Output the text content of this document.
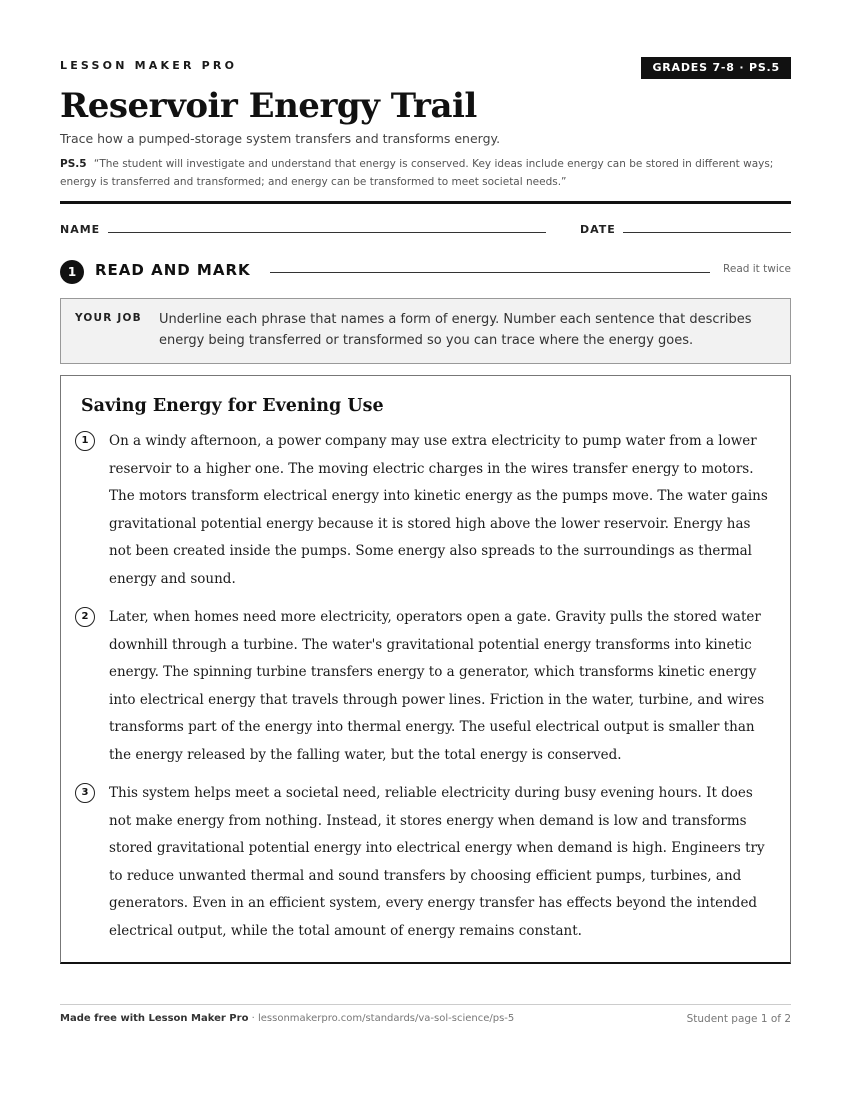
LESSON MAKER PRO	GRADES 7-8 · PS.5
Reservoir Energy Trail
Trace how a pumped-storage system transfers and transforms energy.
PS.5 “The student will investigate and understand that energy is conserved. Key ideas include energy can be stored in different ways; energy is transferred and transformed; and energy can be transformed to meet societal needs.”
NAME	DATE
1	READ AND MARK	Read it twice
YOUR JOB Underline each phrase that names a form of energy. Number each sentence that describes energy being transferred or transformed so you can trace where the energy goes.
Saving Energy for Evening Use
1	On a windy afternoon, a power company may use extra electricity to pump water from a lower reservoir to a higher one. The moving electric charges in the wires transfer energy to motors. The motors transform electrical energy into kinetic energy as the pumps move. The water gains gravitational potential energy because it is stored high above the lower reservoir. Energy has not been created inside the pumps. Some energy also spreads to the surroundings as thermal energy and sound.
2	Later, when homes need more electricity, operators open a gate. Gravity pulls the stored water downhill through a turbine. The water's gravitational potential energy transforms into kinetic energy. The spinning turbine transfers energy to a generator, which transforms kinetic energy into electrical energy that travels through power lines. Friction in the water, turbine, and wires transforms part of the energy into thermal energy. The useful electrical output is smaller than the energy released by the falling water, but the total energy is conserved.
3	This system helps meet a societal need, reliable electricity during busy evening hours. It does not make energy from nothing. Instead, it stores energy when demand is low and transforms stored gravitational potential energy into electrical energy when demand is high. Engineers try to reduce unwanted thermal and sound transfers by choosing efficient pumps, turbines, and generators. Even in an efficient system, every energy transfer has effects beyond the intended electrical output, while the total amount of energy remains constant.
Made free with Lesson Maker Pro · lessonmakerpro.com/standards/va-sol-science/ps-5	Student page 1 of 2
